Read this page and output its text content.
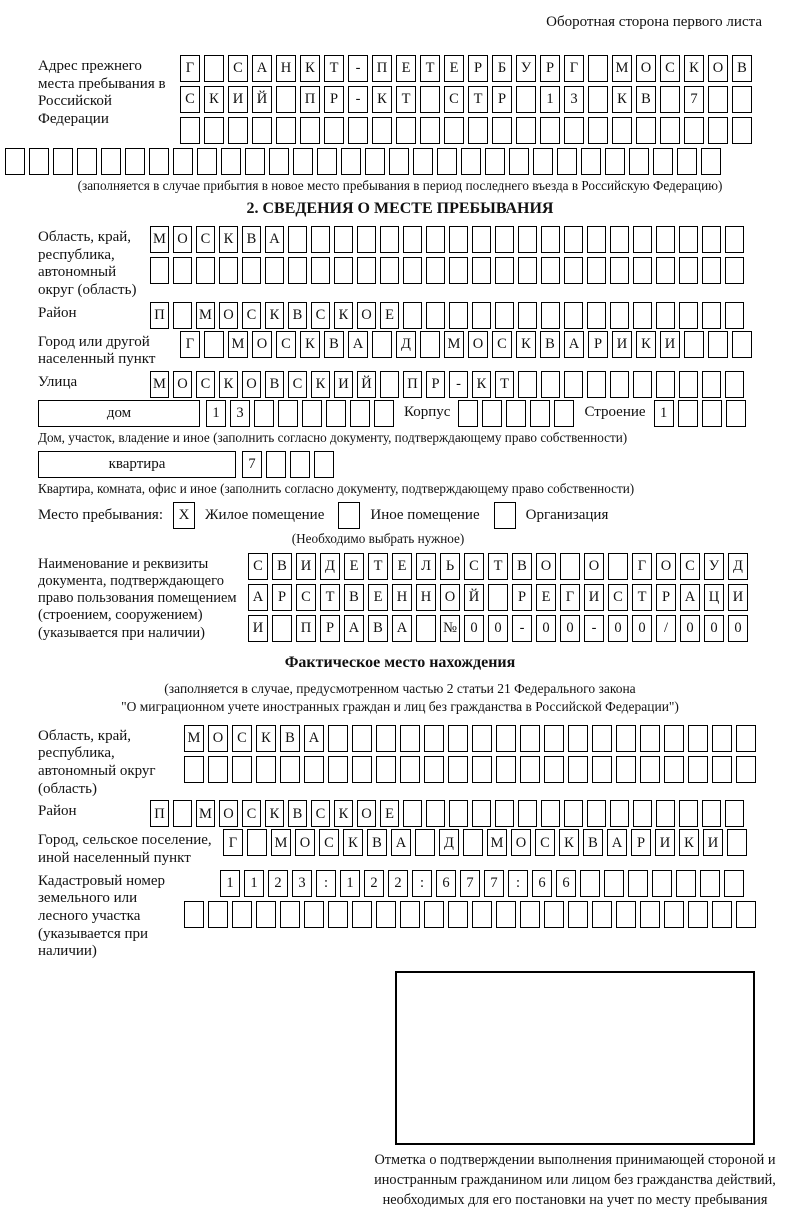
Оборотная сторона первого листа
Адрес прежнего места пребывания в Российской Федерации
Г	С А Н К	Т	-	П Е	Т	Е	Р	Б	У	Р	Г	М О С К О В
С К И Й	П	Р	-	К	Т	С	Т	Р	1	3	К В	7
(заполняется в случае прибытия в новое место пребывания в период последнего въезда в Российскую Федерацию)
2. СВЕДЕНИЯ О МЕСТЕ ПРЕБЫВАНИЯ
Область, край, республика, автономный округ (область)
М О С К В А
Район	П М О С К В С К О Е
Город или другой населенный пункт
Г	М О С К В А	Д	М О С К В А	Р	И К И
Улица	М О С К О В С К И Й П Р	-	К Т
дом	1	3	Корпус	Строение 1
Дом, участок, владение и иное (заполнить согласно документу, подтверждающему право собственности)
квартира	7
Квартира, комната, офис и иное (заполнить согласно документу, подтверждающему право собственности)
Место пребывания:	X	Жилое помещение	Иное помещение	Организация
(Необходимо выбрать нужное)
Наименование и реквизиты документа, подтверждающего право пользования помещением (строением, сооружением) (указывается при наличии)
С В И Д	Е	Т	Е	Л	Ь	С	Т	В О	О	Г	О С У Д
А	Р	С	Т	В	Е Н Н О Й	Р	Е	Г	И С	Т	Р	А Ц И
И	П	Р	А В А	№ 0	0	-	0	0	-	0	0	/	0	0	0
Фактическое место нахождения
(заполняется в случае, предусмотренном частью 2 статьи 21 Федерального закона
"О миграционном учете иностранных граждан и лиц без гражданства в Российской Федерации")
Область, край, республика, автономный округ (область)
М О С К В А
Район	П М О С К В С К О Е
Город, сельское поселение, иной населенный пункт
Г	М О С К В А	Д	М О С К В А	Р	И К И
Кадастровый номер земельного или лесного участка (указывается при наличии)
1	1	2	3	:	1	2	2	:	6	7	7	:	6	6
Отметка о подтверждении выполнения принимающей стороной и иностранным гражданином или лицом без гражданства действий, необходимых для его постановки на учет по месту пребывания
